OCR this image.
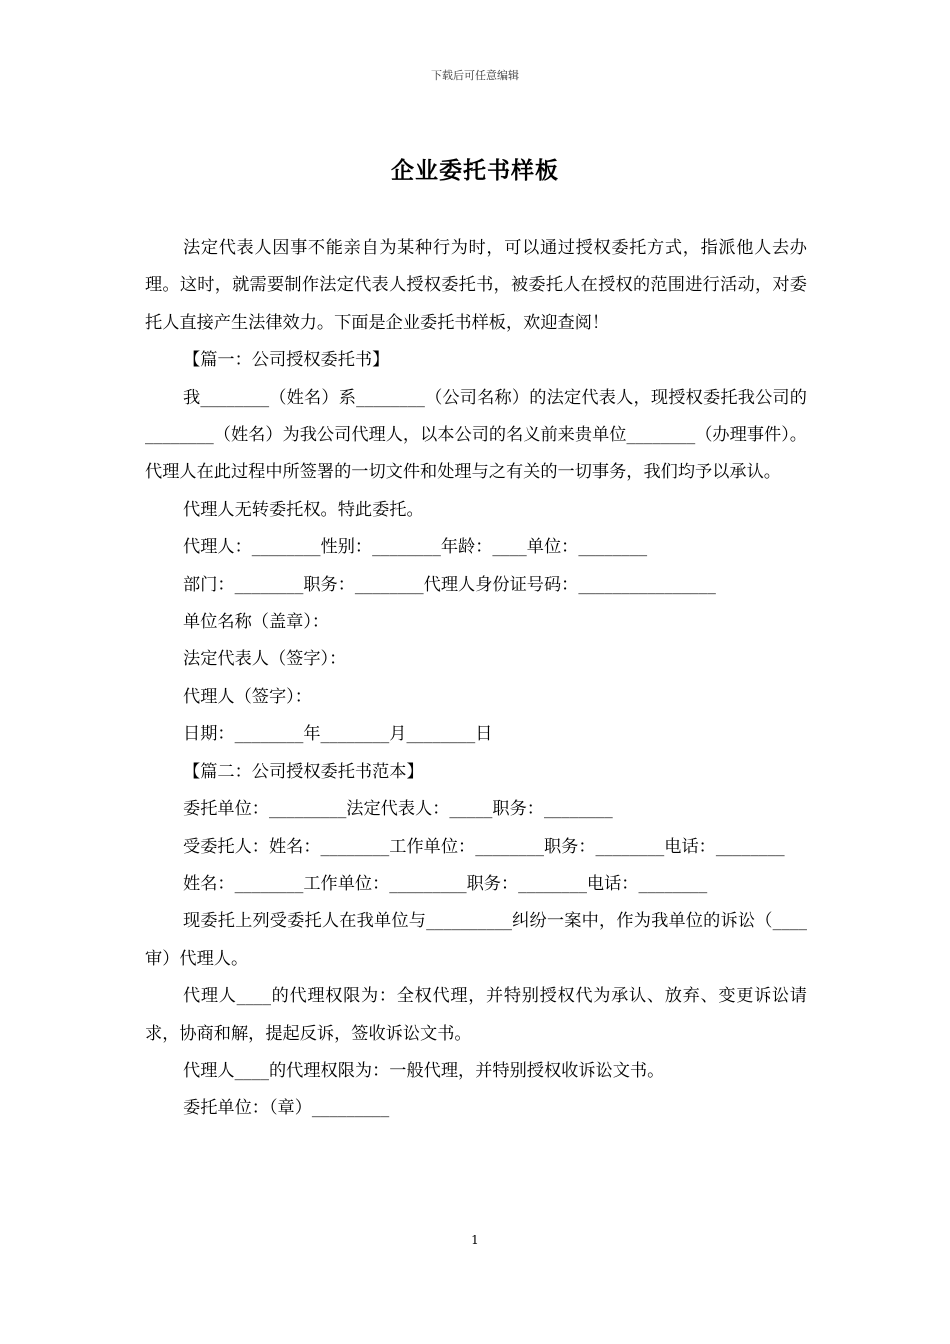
下载后可任意编辑
企业委托书样板

法定代表人因事不能亲自为某种行为时，可以通过授权委托方式，指派他人去办理。这时，就需要制作法定代表人授权委托书，被委托人在授权的范围进行活动，对委托人直接产生法律效力。下面是企业委托书样板，欢迎查阅！

【篇一：公司授权委托书】

我________（姓名）系________（公司名称）的法定代表人，现授权委托我公司的________（姓名）为我公司代理人，以本公司的名义前来贵单位________（办理事件）。代理人在此过程中所签署的一切文件和处理与之有关的一切事务，我们均予以承认。

代理人无转委托权。特此委托。

代理人：________性别：________年龄：____单位：________

部门：________职务：________代理人身份证号码：________________

单位名称（盖章）：

法定代表人（签字）：

代理人（签字）：

日期：________年________月________日

【篇二：公司授权委托书范本】

委托单位：_________法定代表人：_____职务：________

受委托人：姓名：________工作单位：________职务：________电话：________

姓名：________工作单位：_________职务：________电话：________

现委托上列受委托人在我单位与__________纠纷一案中，作为我单位的诉讼（____审）代理人。

代理人____的代理权限为：全权代理，并特别授权代为承认、放弃、变更诉讼请求，协商和解，提起反诉，签收诉讼文书。

代理人____的代理权限为：一般代理，并特别授权收诉讼文书。

委托单位：（章）_________

1
